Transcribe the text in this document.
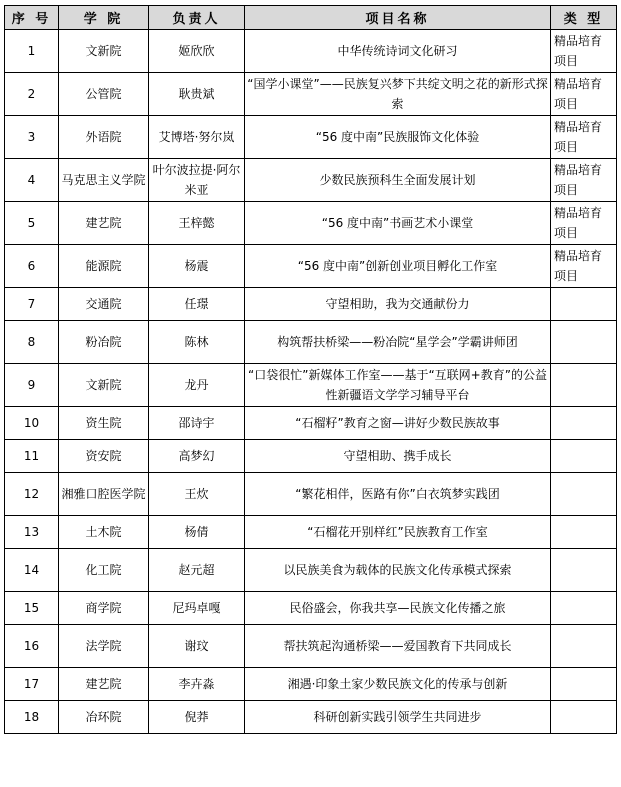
序 号	学 院	负责人	项目名称	类 型
1	文新院	姬欣欣	中华传统诗词文化研习	精品培育项目
2	公管院	耿贵斌	“国学小课堂”——民族复兴梦下共绽文明之花的新形式探索	精品培育项目
3	外语院	艾博塔·努尔岚	“56 度中南”民族服饰文化体验	精品培育项目
4	马克思主义学院	叶尔波拉提·阿尔米亚	少数民族预科生全面发展计划	精品培育项目
5	建艺院	王梓懿	“56 度中南”书画艺术小课堂	精品培育项目
6	能源院	杨震	“56 度中南”创新创业项目孵化工作室	精品培育项目
7	交通院	任璟	守望相助，我为交通献份力	
8	粉冶院	陈林	构筑帮扶桥梁——粉冶院“星学会”学霸讲师团	
9	文新院	龙丹	“口袋很忙”新媒体工作室——基于“互联网+教育”的公益性新疆语文学学习辅导平台	
10	资生院	邵诗宇	“石榴籽”教育之窗—讲好少数民族故事	
11	资安院	高梦幻	守望相助、携手成长	
12	湘雅口腔医学院	王炊	“繁花相伴，医路有你”白衣筑梦实践团	
13	土木院	杨倩	“石榴花开别样红”民族教育工作室	
14	化工院	赵元超	以民族美食为载体的民族文化传承模式探索	
15	商学院	尼玛卓嘎	民俗盛会，你我共享—民族文化传播之旅	
16	法学院	谢玟	帮扶筑起沟通桥梁——爱国教育下共同成长	
17	建艺院	李卉淼	湘遇·印象土家少数民族文化的传承与创新	
18	冶环院	倪莽	科研创新实践引领学生共同进步	
